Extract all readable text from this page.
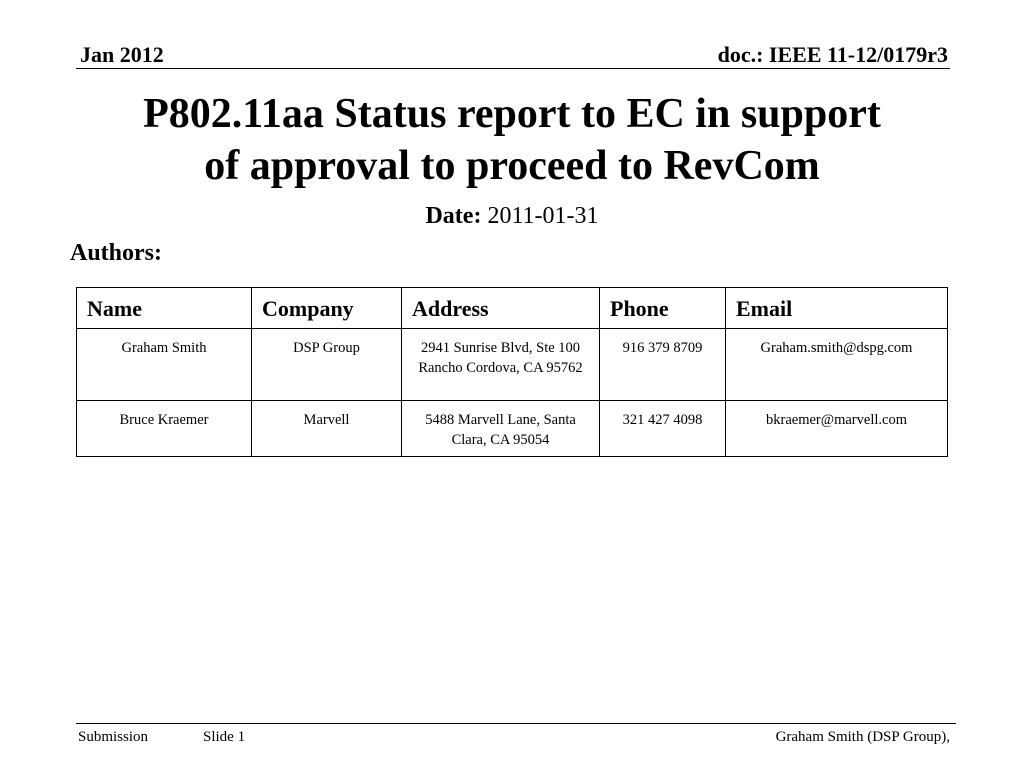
Jan 2012	doc.: IEEE 11-12/0179r3
P802.11aa Status report to EC in support
of approval to proceed to RevCom
Date: 2011-01-31
Authors:
Name	Company	Address	Phone	Email
Graham Smith	DSP Group	2941 Sunrise Blvd, Ste 100 Rancho Cordova, CA 95762	916 379 8709	Graham.smith@dspg.com
Bruce Kraemer	Marvell	5488 Marvell Lane, Santa Clara, CA 95054	321 427 4098	bkraemer@marvell.com
Submission	Slide 1	Graham Smith (DSP Group),
